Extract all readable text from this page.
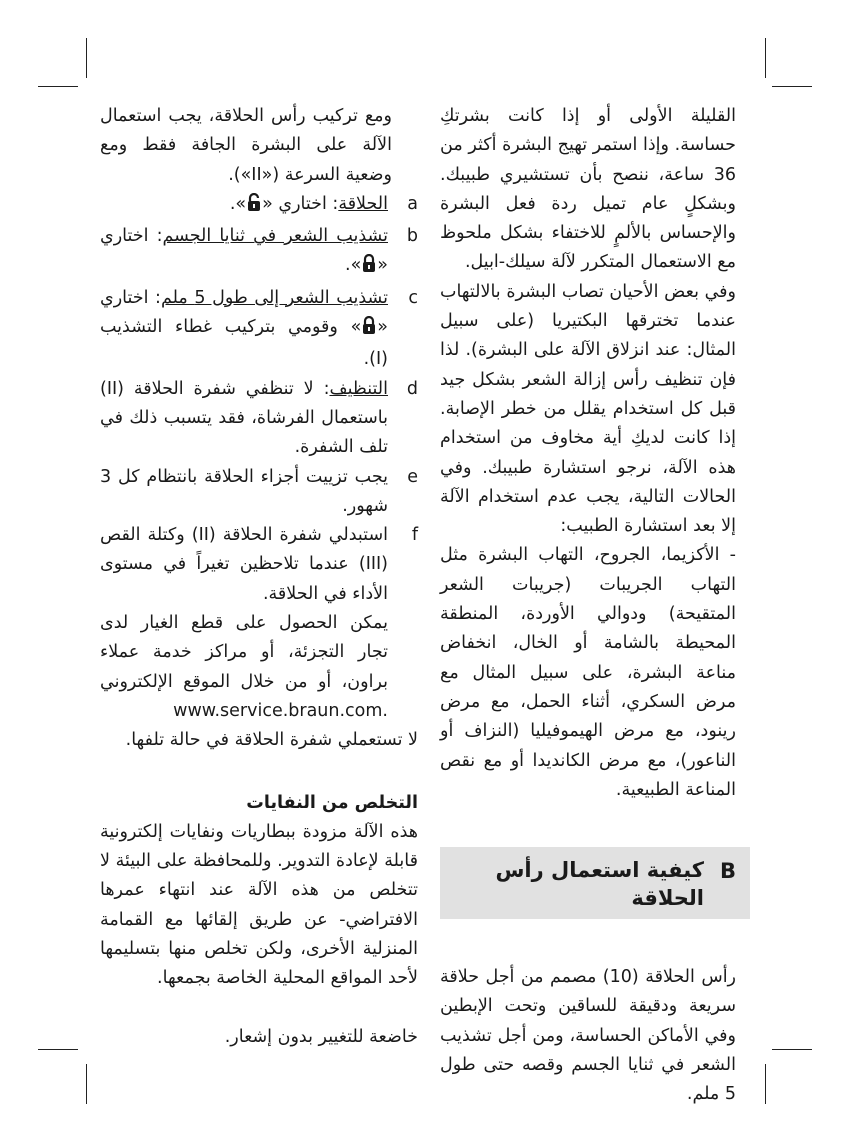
القليلة الأولى أو إذا كانت بشرتكِ حساسة. وإذا استمر تهيج البشرة أكثر من 36 ساعة، ننصح بأن تستشيري طبيبك. وبشكلٍ عام تميل ردة فعل البشرة والإحساس بالألمٍ للاختفاء بشكل ملحوظ مع الاستعمال المتكرر لآلة سيلك-ابيل.

وفي بعض الأحيان تصاب البشرة بالالتهاب عندما تخترقها البكتيريا (على سبيل المثال: عند انزلاق الآلة على البشرة). لذا فإن تنظيف رأس إزالة الشعر بشكل جيد قبل كل استخدام يقلل من خطر الإصابة. إذا كانت لديكِ أية مخاوف من استخدام هذه الآلة، نرجو استشارة طبيبك. وفي الحالات التالية، يجب عدم استخدام الآلة إلا بعد استشارة الطبيب:

- الأكزيما، الجروح، التهاب البشرة مثل التهاب الجريبات (جريبات الشعر المتقيحة) ودوالي الأوردة، المنطقة المحيطة بالشامة أو الخال، انخفاض مناعة البشرة، على سبيل المثال مع مرض السكري، أثناء الحمل، مع مرض رينود، مع مرض الهيموفيليا (النزاف أو الناعور)، مع مرض الكانديدا أو مع نقص المناعة الطبيعية.

B
كيفية استعمال رأس الحلاقة

رأس الحلاقة (10) مصمم من أجل حلاقة سريعة ودقيقة للساقين وتحت الإبطين وفي الأماكن الحساسة، ومن أجل تشذيب الشعر في ثنايا الجسم وقصه حتى طول 5 ملم.

ومع تركيب رأس الحلاقة، يجب استعمال الآلة على البشرة الجافة فقط ومع وضعية السرعة («II»).

a
الحلاقة: اختاري «».
b
تشذيب الشعر في ثنايا الجسم: اختاري «».
c
تشذيب الشعر إلى طول 5 ملم: اختاري «» وقومي بتركيب غطاء التشذيب (I).
d
التنظيف: لا تنظفي شفرة الحلاقة (II) باستعمال الفرشاة، فقد يتسبب ذلك في تلف الشفرة.
e
يجب تزييت أجزاء الحلاقة بانتظام كل 3 شهور.
f
استبدلي شفرة الحلاقة (II) وكتلة القص (III) عندما تلاحظين تغيراً في مستوى الأداء في الحلاقة.

يمكن الحصول على قطع الغيار لدى تجار التجزئة، أو مراكز خدمة عملاء براون، أو من خلال الموقع الإلكتروني www.service.braun.com.

لا تستعملي شفرة الحلاقة في حالة تلفها.

التخلص من النفايات

هذه الآلة مزودة ببطاريات ونفايات إلكترونية قابلة لإعادة التدوير. وللمحافظة على البيئة لا تتخلص من هذه الآلة عند انتهاء عمرها الافتراضي- عن طريق إلقائها مع القمامة المنزلية الأخرى، ولكن تخلص منها بتسليمها لأحد المواقع المحلية الخاصة بجمعها.

خاضعة للتغيير بدون إشعار.
